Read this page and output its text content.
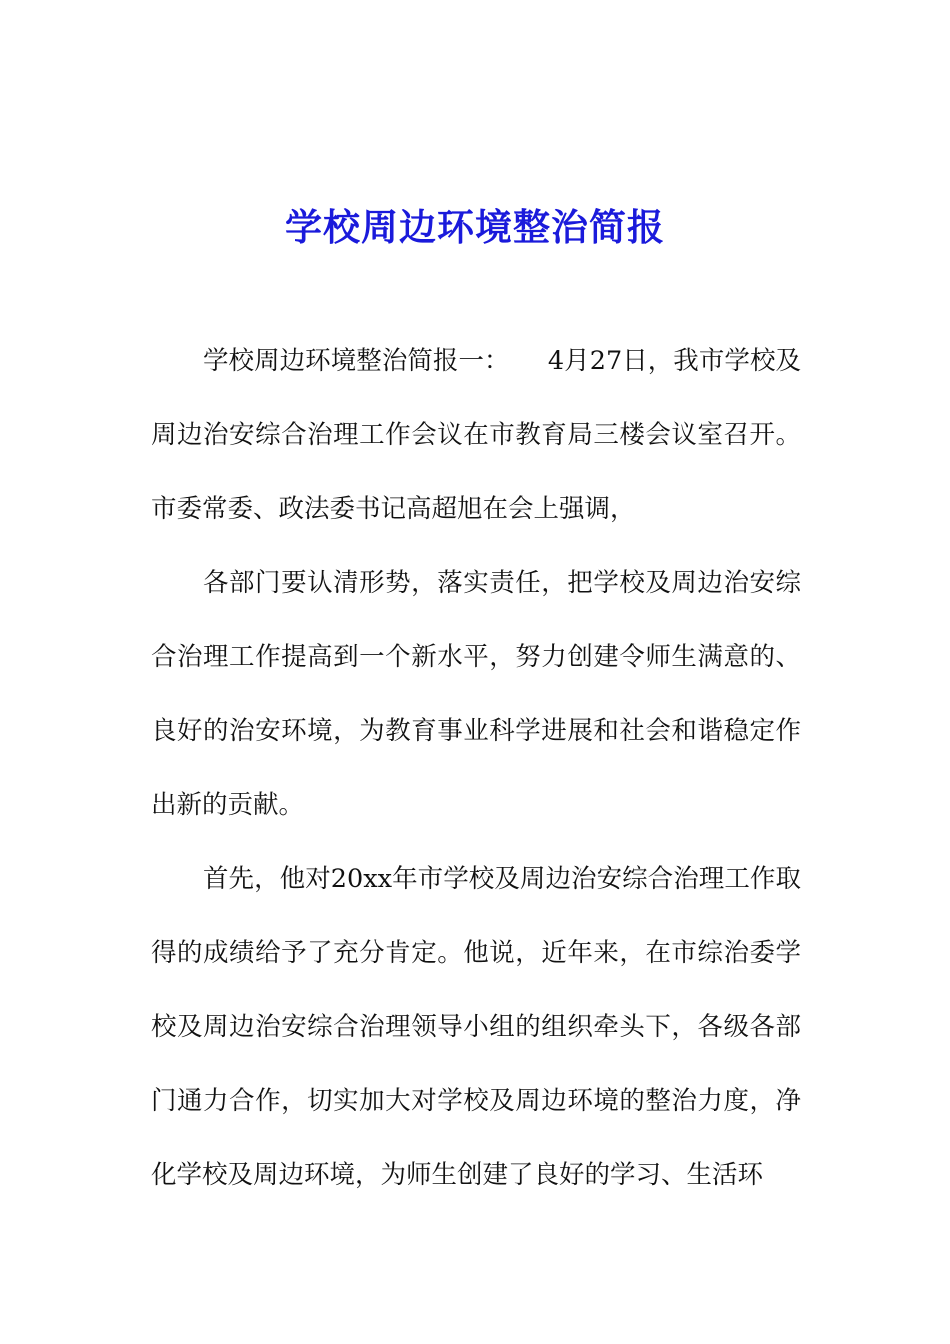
学校周边环境整治简报

学校周边环境整治简报一：　　4月27日，我市学校及周边治安综合治理工作会议在市教育局三楼会议室召开。市委常委、政法委书记高超旭在会上强调，

各部门要认清形势，落实责任，把学校及周边治安综合治理工作提高到一个新水平，努力创建令师生满意的、良好的治安环境，为教育事业科学进展和社会和谐稳定作出新的贡献。

首先，他对20xx年市学校及周边治安综合治理工作取得的成绩给予了充分肯定。他说，近年来，在市综治委学校及周边治安综合治理领导小组的组织牵头下，各级各部门通力合作，切实加大对学校及周边环境的整治力度，净化学校及周边环境，为师生创建了良好的学习、生活环
